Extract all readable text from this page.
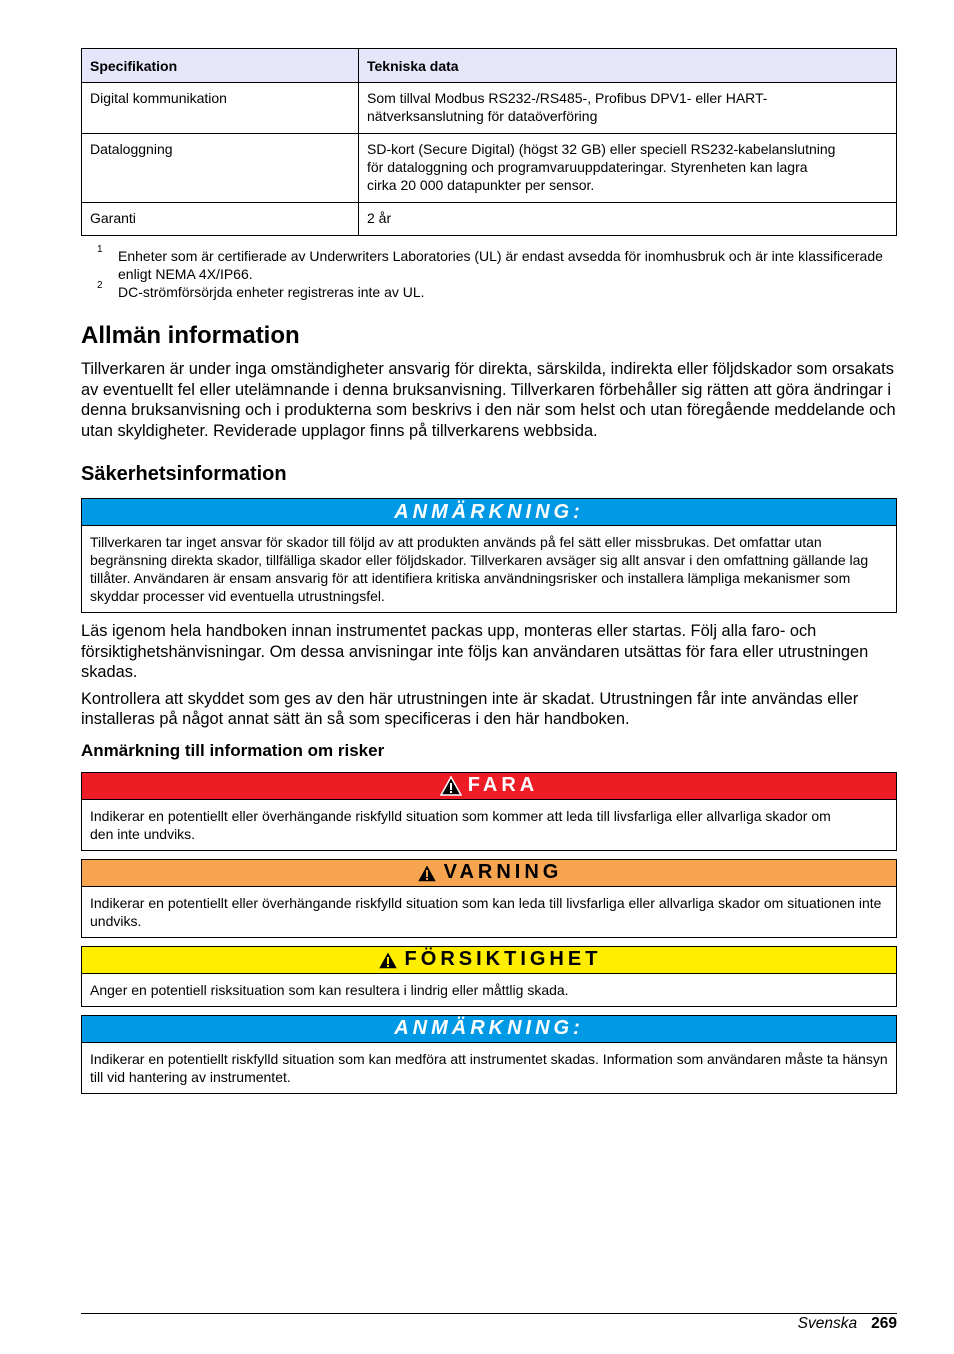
Specifikation	Tekniska data
Digital kommunikation	Som tillval Modbus RS232-/RS485-, Profibus DPV1- eller HART-nätverksanslutning för dataöverföring
Dataloggning	SD-kort (Secure Digital) (högst 32 GB) eller speciell RS232-kabelanslutning för dataloggning och programvaruuppdateringar. Styrenheten kan lagra cirka 20 000 datapunkter per sensor.
Garanti	2 år
1 Enheter som är certifierade av Underwriters Laboratories (UL) är endast avsedda för inomhusbruk och är inte klassificerade enligt NEMA 4X/IP66.
2 DC-strömförsörjda enheter registreras inte av UL.
Allmän information

Tillverkaren är under inga omständigheter ansvarig för direkta, särskilda, indirekta eller följdskador som orsakats av eventuellt fel eller utelämnande i denna bruksanvisning. Tillverkaren förbehåller sig rätten att göra ändringar i denna bruksanvisning och i produkterna som beskrivs i den när som helst och utan föregående meddelande och utan skyldigheter. Reviderade upplagor finns på tillverkarens webbsida.

Säkerhetsinformation
ANMÄRKNING:
Tillverkaren tar inget ansvar för skador till följd av att produkten används på fel sätt eller missbrukas. Det omfattar utan begränsning direkta skador, tillfälliga skador eller följdskador. Tillverkaren avsäger sig allt ansvar i den omfattning gällande lag tillåter. Användaren är ensam ansvarig för att identifiera kritiska användningsrisker och installera lämpliga mekanismer som skyddar processer vid eventuella utrustningsfel.

Läs igenom hela handboken innan instrumentet packas upp, monteras eller startas. Följ alla faro- och försiktighetshänvisningar. Om dessa anvisningar inte följs kan användaren utsättas för fara eller utrustningen skadas.

Kontrollera att skyddet som ges av den här utrustningen inte är skadat. Utrustningen får inte användas eller installeras på något annat sätt än så som specificeras i den här handboken.

Anmärkning till information om risker
FARA
Indikerar en potentiellt eller överhängande riskfylld situation som kommer att leda till livsfarliga eller allvarliga skador om den inte undviks.
VARNING
Indikerar en potentiellt eller överhängande riskfylld situation som kan leda till livsfarliga eller allvarliga skador om situationen inte undviks.
FÖRSIKTIGHET
Anger en potentiell risksituation som kan resultera i lindrig eller måttlig skada.
ANMÄRKNING:
Indikerar en potentiellt riskfylld situation som kan medföra att instrumentet skadas. Information som användaren måste ta hänsyn till vid hantering av instrumentet.
Svenska 269
